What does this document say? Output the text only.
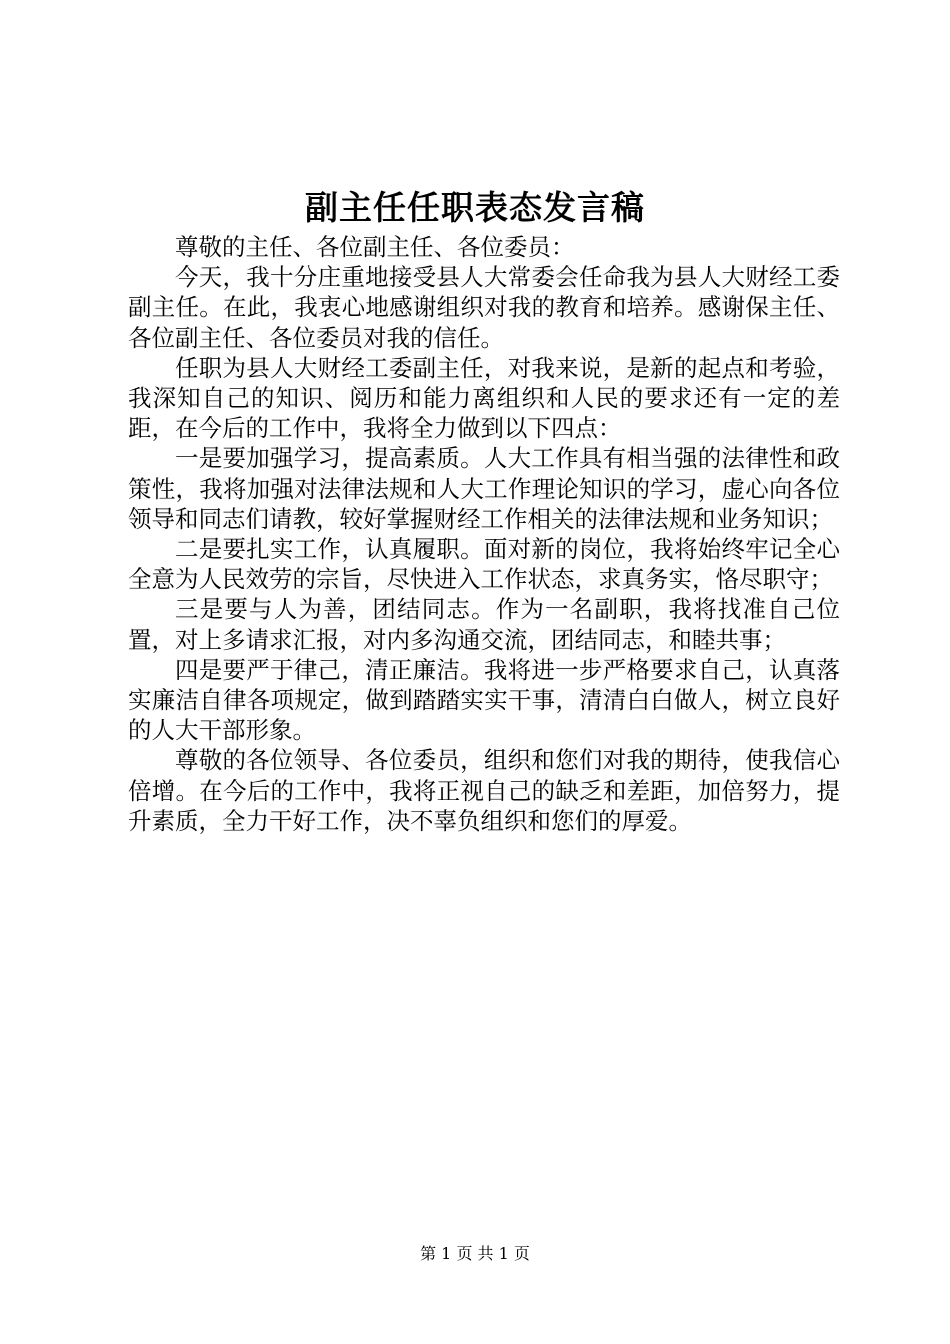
副主任任职表态发言稿

尊敬的主任、各位副主任、各位委员：

今天，我十分庄重地接受县人大常委会任命我为县人大财经工委副主任。在此，我衷心地感谢组织对我的教育和培养。感谢保主任、各位副主任、各位委员对我的信任。

任职为县人大财经工委副主任，对我来说，是新的起点和考验，我深知自己的知识、阅历和能力离组织和人民的要求还有一定的差距，在今后的工作中，我将全力做到以下四点：

一是要加强学习，提高素质。人大工作具有相当强的法律性和政策性，我将加强对法律法规和人大工作理论知识的学习，虚心向各位领导和同志们请教，较好掌握财经工作相关的法律法规和业务知识；

二是要扎实工作，认真履职。面对新的岗位，我将始终牢记全心全意为人民效劳的宗旨，尽快进入工作状态，求真务实，恪尽职守；

三是要与人为善，团结同志。作为一名副职，我将找准自己位置，对上多请求汇报，对内多沟通交流，团结同志，和睦共事；

四是要严于律己，清正廉洁。我将进一步严格要求自己，认真落实廉洁自律各项规定，做到踏踏实实干事，清清白白做人，树立良好的人大干部形象。

尊敬的各位领导、各位委员，组织和您们对我的期待，使我信心倍增。在今后的工作中，我将正视自己的缺乏和差距，加倍努力，提升素质，全力干好工作，决不辜负组织和您们的厚爱。

第 1 页 共 1 页
